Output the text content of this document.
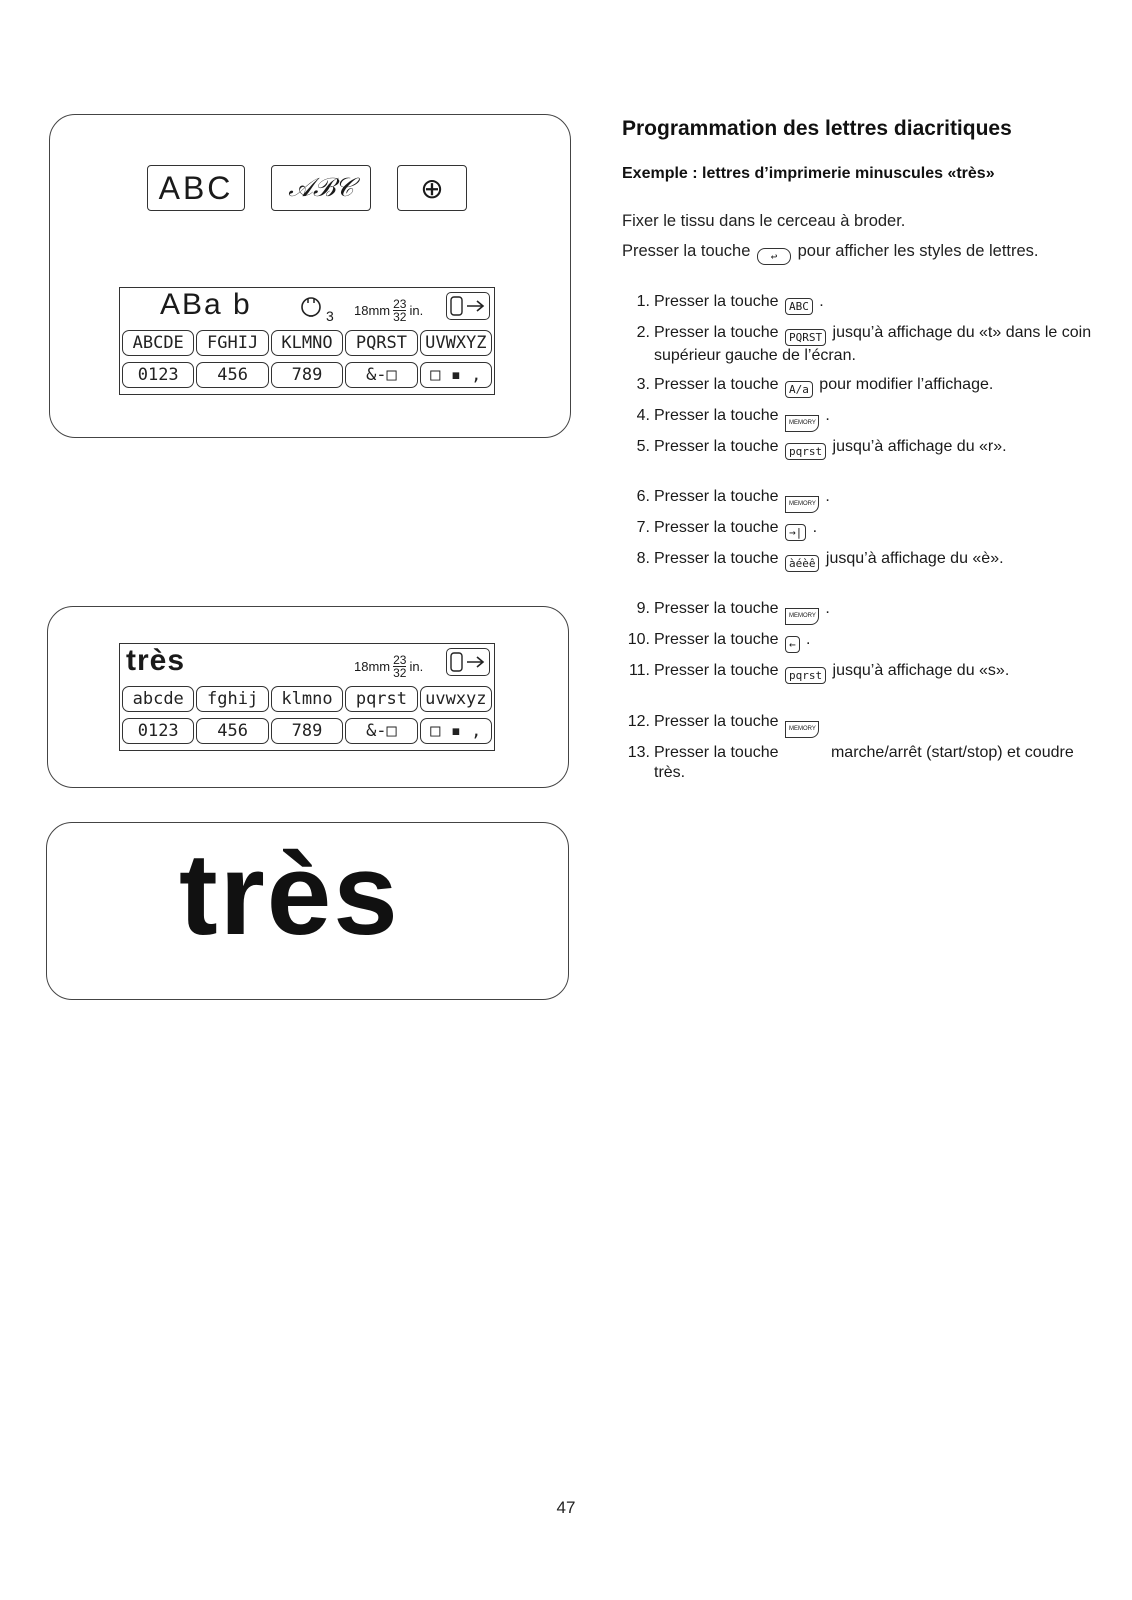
ABC 𝒜ℬ𝒞 ⊕
ABa b	3 $18mm \frac{23}{32}$ in.
ABCDE	FGHIJ	KLMNO	PQRST	UVWXYZ
0123	456	789	&-□	□ ▪ ,
très	$18mm \frac{23}{32}$ in.
abcde	fghij	klmno	pqrst	uvwxyz
0123	456	789	&-□	□ ▪ ,
très
Programmation des lettres diacritiques
Exemple : lettres d’imprimerie minuscules «très»
Fixer le tissu dans le cerceau à broder.
Presser la touche ↩ pour afficher les styles de lettres.
1. Presser la touche ABC .
2. Presser la touche PQRST jusqu’à affichage du «t» dans le coin supérieur gauche de l’écran.
3. Presser la touche A/a pour modifier l’affichage.
4. Presser la touche MEMORY .
5. Presser la touche pqrst jusqu’à affichage du «r».
6. Presser la touche MEMORY .
7. Presser la touche →| .
8. Presser la touche àéèê jusqu’à affichage du «è».
9. Presser la touche MEMORY .
10. Presser la touche ← .
11. Presser la touche pqrst jusqu’à affichage du «s».
12. Presser la touche MEMORY
13. Presser la touche	marche/arrêt (start/stop) et coudre très.
47
